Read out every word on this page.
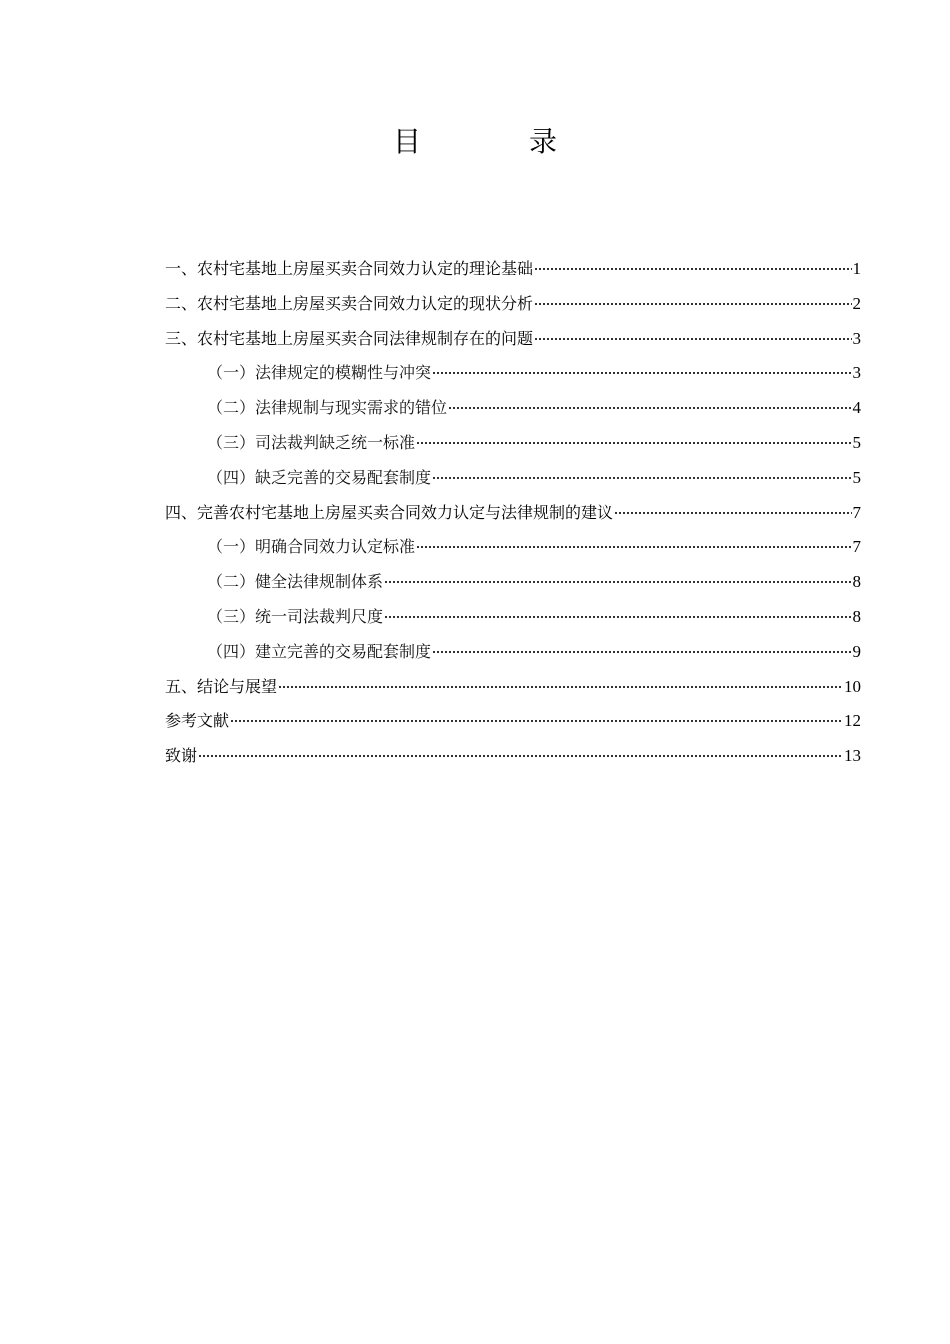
目　录
一、农村宅基地上房屋买卖合同效力认定的理论基础	1
二、农村宅基地上房屋买卖合同效力认定的现状分析	2
三、农村宅基地上房屋买卖合同法律规制存在的问题	3
（一）法律规定的模糊性与冲突	3
（二）法律规制与现实需求的错位	4
（三）司法裁判缺乏统一标准	5
（四）缺乏完善的交易配套制度	5
四、完善农村宅基地上房屋买卖合同效力认定与法律规制的建议	7
（一）明确合同效力认定标准	7
（二）健全法律规制体系	8
（三）统一司法裁判尺度	8
（四）建立完善的交易配套制度	9
五、结论与展望	10
参考文献	12
致谢	13
